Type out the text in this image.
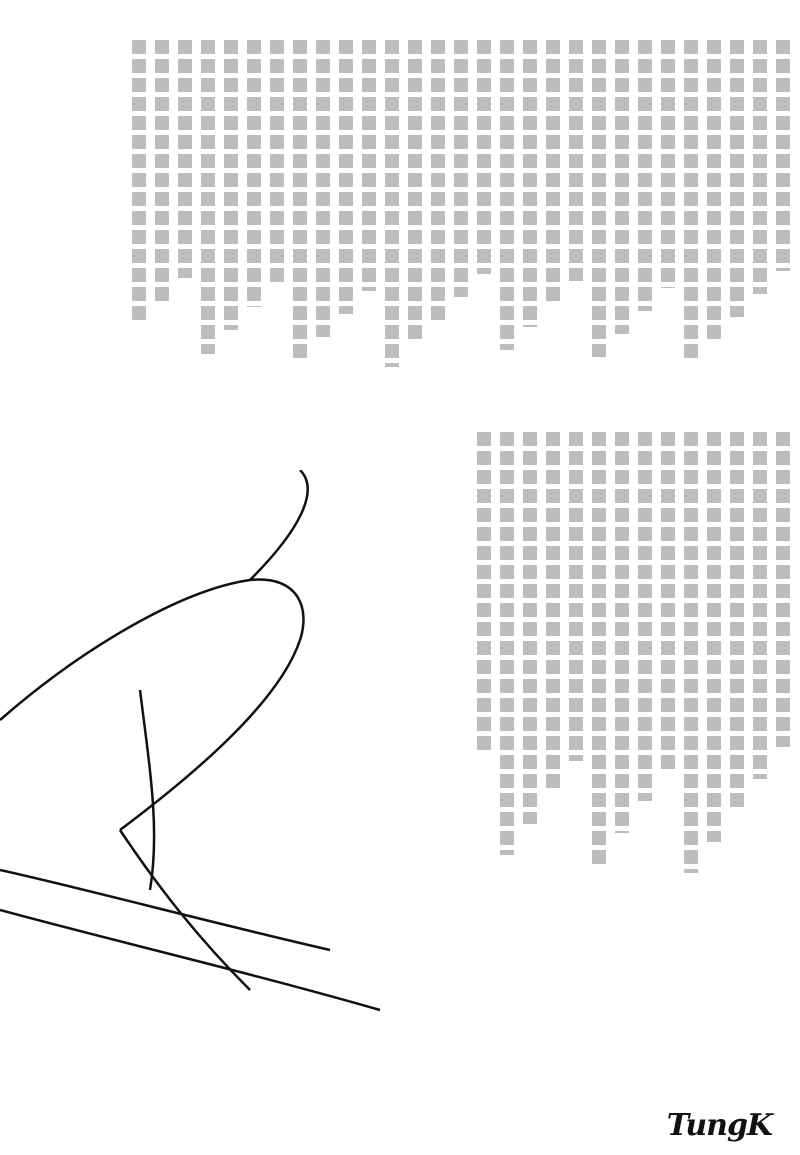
TungK
